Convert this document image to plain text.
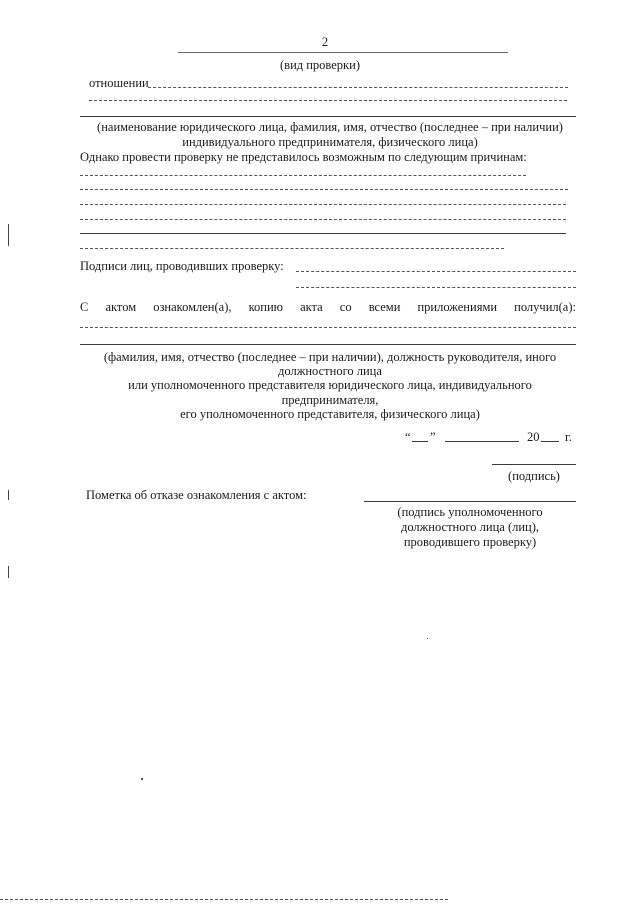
2
(вид проверки)
отношении
(наименование юридического лица, фамилия, имя, отчество (последнее – при наличии)
индивидуального предпринимателя, физического лица)
Однако провести проверку не представилось возможным по следующим причинам:
Подписи лиц, проводивших проверку:
С актом ознакомлен(а), копию акта со всеми приложениями получил(а):
(фамилия, имя, отчество (последнее – при наличии), должность руководителя, иного
должностного лица
или уполномоченного представителя юридического лица, индивидуального
предпринимателя,
его уполномоченного представителя, физического лица)
“ ”	20 г.
(подпись)
Пометка об отказе ознакомления с актом:
(подпись уполномоченного
должностного лица (лиц),
проводившего проверку)
